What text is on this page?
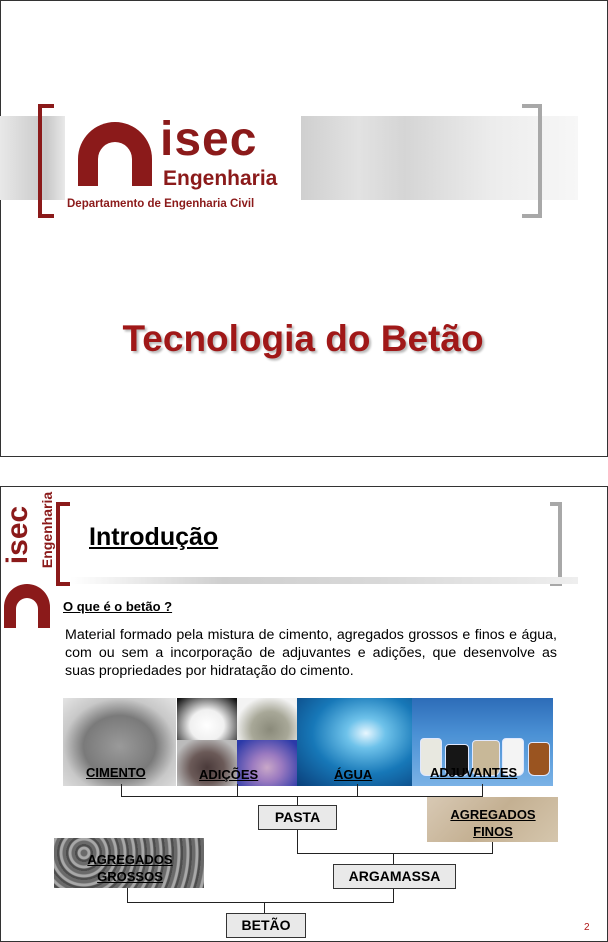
isec
Engenharia
Departamento de Engenharia Civil
Tecnologia do Betão
isec Engenharia Introdução
O que é o betão ?
Material formado pela mistura de cimento, agregados grossos e finos e água, com ou sem a incorporação de adjuvantes e adições, que desenvolve as suas propriedades por hidratação do cimento.
CIMENTO	ADIÇÕES	ÁGUA	ADJUVANTES
AGREGADOS
FINOS
AGREGADOS
GROSSOS
PASTA
ARGAMASSA
BETÃO	2
